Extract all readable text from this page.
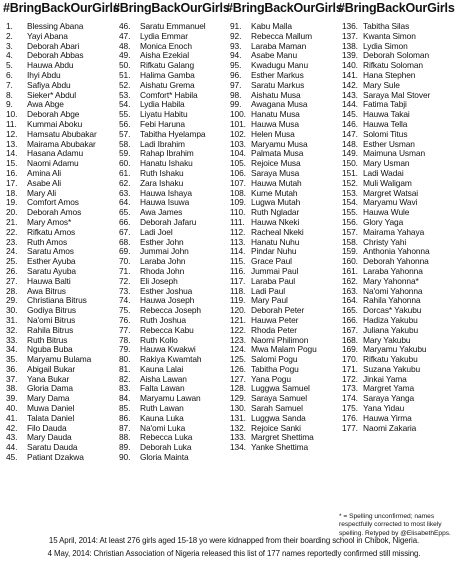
#BringBackOurGirls
#BringBackOurGirls
#BringBackOurGirls
#BringBackOurGirls
1. Blessing Abana
2. Yayi Abana
3. Deborah Abari
4. Deborah Abbas
5. Hauwa Abdu
6. Ihyi Abdu
7. Safiya Abdu
8. Sieker* Abdul
9. Awa Abge
10. Deborah Abge
11. Kummai Aboku
12. Hamsatu Abubakar
13. Mairama Abubakar
14. Hasana Adamu
15. Naomi Adamu
16. Amina Ali
17. Asabe Ali
18. Mary Ali
19. Comfort Amos
20. Deborah Amos
21. Mary Amos*
22. Rifkatu Amos
23. Ruth Amos
24. Saratu Amos
25. Esther Ayuba
26. Saratu Ayuba
27. Hauwa Balti
28. Awa Bitrus
29. Christiana Bitrus
30. Godiya Bitrus
31. Na'omi Bitrus
32. Rahila Bitrus
33. Ruth Bitrus
34. Nguba Buba
35. Maryamu Bulama
36. Abigail Bukar
37. Yana Bukar
38. Gloria Dama
39. Mary Dama
40. Muwa Daniel
41. Talata Daniel
42. Filo Dauda
43. Mary Dauda
44. Saratu Dauda
45. Patiant Dzakwa
46. Saratu Emmanuel
47. Lydia Emmar
48. Monica Enoch
49. Aisha Ezekial
50. Rifkatu Galang
51. Halima Gamba
52. Aishatu Grema
53. Comfort* Habila
54. Lydia Habila
55. Liyatu Habitu
56. Febi Haruna
57. Tabitha Hyelampa
58. Ladi Ibrahim
59. Rahap Ibrahim
60. Hanatu Ishaku
61. Ruth Ishaku
62. Zara Ishaku
63. Hauwa Ishaya
64. Hauwa Isuwa
65. Awa James
66. Deborah Jafaru
67. Ladi Joel
68. Esther John
69. Jummai John
70. Laraba John
71. Rhoda John
72. Eli Joseph
73. Esther Joshua
74. Hauwa Joseph
75. Rebecca Joseph
76. Ruth Joshua
77. Rebecca Kabu
78. Ruth Kollo
79. Hauwa Kwakwi
80. Rakiya Kwamtah
81. Kauna Lalai
82. Aisha Lawan
83. Falta Lawan
84. Maryamu Lawan
85. Ruth Lawan
86. Kauna Luka
87. Na'omi Luka
88. Rebecca Luka
89. Deborah Luka
90. Gloria Mainta
91. Kabu Malla
92. Rebecca Mallum
93. Laraba Maman
94. Asabe Manu
95. Kwadugu Manu
96. Esther Markus
97. Saratu Markus
98. Aishatu Musa
99. Awagana Musa
100. Hanatu Musa
101. Hauwa Musa
102. Helen Musa
103. Maryamu Musa
104. Palmata Musa
105. Rejoice Musa
106. Saraya Musa
107. Hauwa Mutah
108. Kume Mutah
109. Lugwa Mutah
110. Ruth Ngladar
111. Hauwa Nkeki
112. Racheal Nkeki
113. Hanatu Nuhu
114. Pindar Nuhu
115. Grace Paul
116. Jummai Paul
117. Laraba Paul
118. Ladi Paul
119. Mary Paul
120. Deborah Peter
121. Hauwa Peter
122. Rhoda Peter
123. Naomi Philimon
124. Mwa Malam Pogu
125. Salomi Pogu
126. Tabitha Pogu
127. Yana Pogu
128. Luggwa Samuel
129. Saraya Samuel
130. Sarah Samuel
131. Luggwa Sanda
132. Rejoice Sanki
133. Margret Shettima
134. Yanke Shettima
136. Tabitha Silas
137. Kwanta Simon
138. Lydia Simon
139. Deborah Soloman
140. Rifkatu Soloman
141. Hana Stephen
142. Mary Sule
143. Saraya Mal Stover
144. Fatima Tabji
145. Hauwa Takai
146. Hauwa Tella
147. Solomi Titus
148. Esther Usman
149. Maimuna Usman
150. Mary Usman
151. Ladi Wadai
152. Muli Waligam
153. Margret Watsai
154. Maryamu Wavi
155. Hauwa Wule
156. Glory Yaga
157. Mairama Yahaya
158. Christy Yahi
159. Anthonia Yahonna
160. Deborah Yahonna
161. Laraba Yahonna
162. Mary Yahonna*
163. Na'omi Yahonna
164. Rahila Yahonna
165. Dorcas* Yakubu
166. Hadiza Yakubu
167. Juliana Yakubu
168. Mary Yakubu
169. Maryamu Yakubu
170. Rifkatu Yakubu
171. Suzana Yakubu
172. Jinkai Yama
173. Margret Yama
174. Saraya Yanga
175. Yana Yidau
176. Hauwa Yirma
177. Naomi Zakaria
* = Spelling unconfirmed; names respectfully corrected to most likely spelling. Retyped by @ElisabethEpps.
15 April, 2014: At least 276 girls aged 15-18 yo were kidnapped from their boarding school in Chibok, Nigeria.
4 May, 2014: Christian Association of Nigeria released this list of 177 names reportedly confirmed still missing.
